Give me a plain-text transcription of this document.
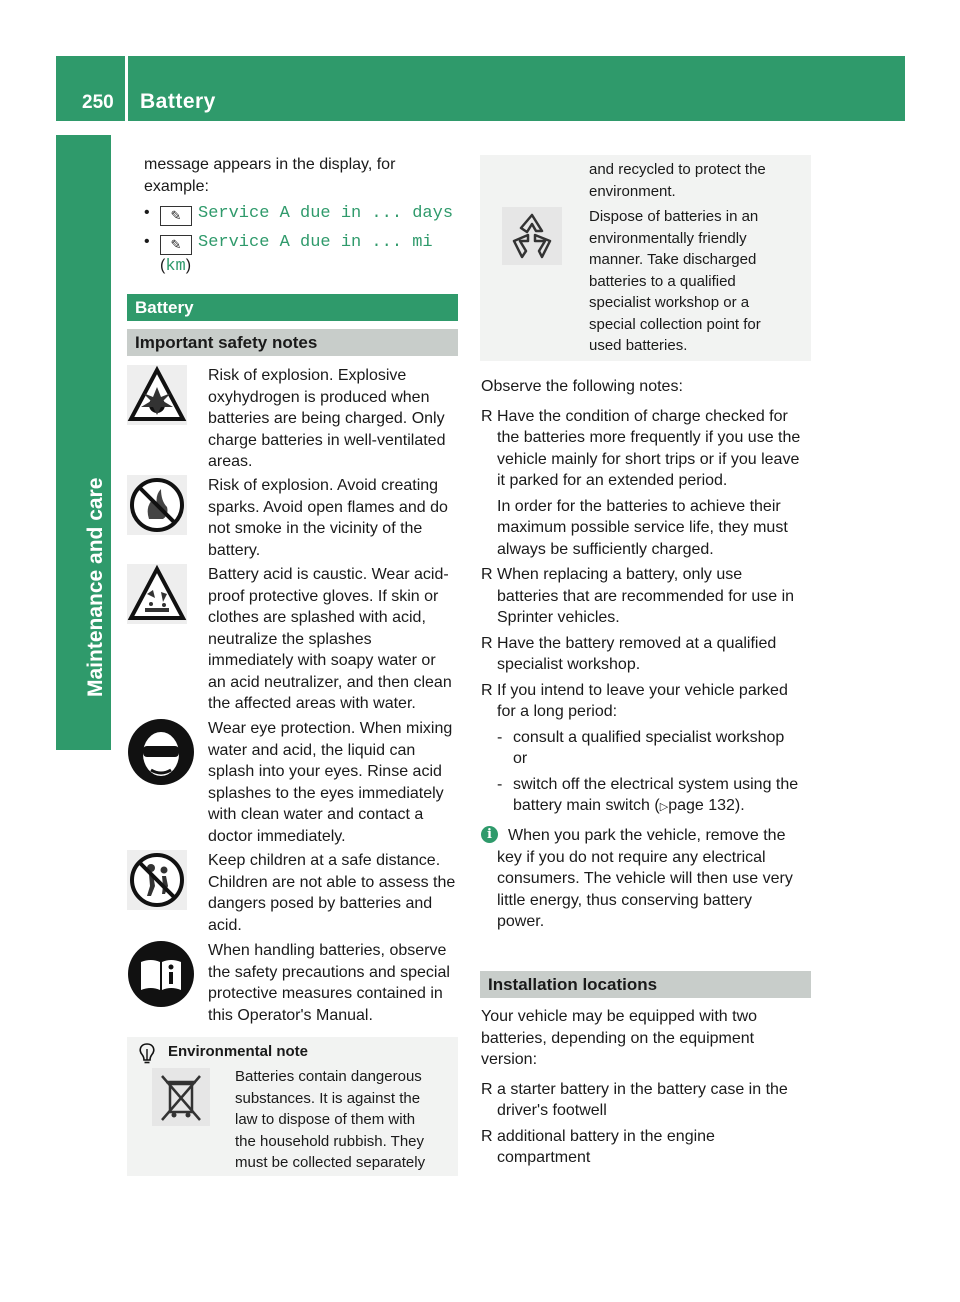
250 Battery
Maintenance and care

message appears in the display, for

example:

• ✎ Service A due in ... days

• ✎ Service A due in ... mi (km)

Battery
Important safety notes

Risk of explosion. Explosive

oxyhydrogen is produced when

batteries are being charged. Only

charge batteries in well-ventilated

areas.

Risk of explosion. Avoid creating

sparks. Avoid open flames and do

not smoke in the vicinity of the

battery.

Battery acid is caustic. Wear acid-

proof protective gloves. If skin or

clothes are splashed with acid,

neutralize the splashes

immediately with soapy water or

an acid neutralizer, and then clean

the affected areas with water.

Wear eye protection. When mixing

water and acid, the liquid can

splash into your eyes. Rinse acid

splashes to the eyes immediately

with clean water and contact a

doctor immediately.

Keep children at a safe distance.

Children are not able to assess the

dangers posed by batteries and

acid.

When handling batteries, observe

the safety precautions and special

protective measures contained in

this Operator's Manual.

Environmental note

Batteries contain dangerous

substances. It is against the

law to dispose of them with

the household rubbish. They

must be collected separately

and recycled to protect the

environment.

Dispose of batteries in an

environmentally friendly

manner. Take discharged

batteries to a qualified

specialist workshop or a

special collection point for

used batteries.

Observe the following notes:

R Have the condition of charge checked for

the batteries more frequently if you use the

vehicle mainly for short trips or if you leave

it parked for an extended period.

In order for the batteries to achieve their

maximum possible service life, they must

always be sufficiently charged.

R When replacing a battery, only use

batteries that are recommended for use in

Sprinter vehicles.

R Have the battery removed at a qualified

specialist workshop.

R If you intend to leave your vehicle parked

for a long period:

- consult a qualified specialist workshop

or

- switch off the electrical system using the

battery main switch (▷page 132).

i	When you park the vehicle, remove the

key if you do not require any electrical

consumers. The vehicle will then use very

little energy, thus conserving battery

power.

Installation locations

Your vehicle may be equipped with two

batteries, depending on the equipment

version:

R a starter battery in the battery case in the

driver's footwell

R additional battery in the engine

compartment
